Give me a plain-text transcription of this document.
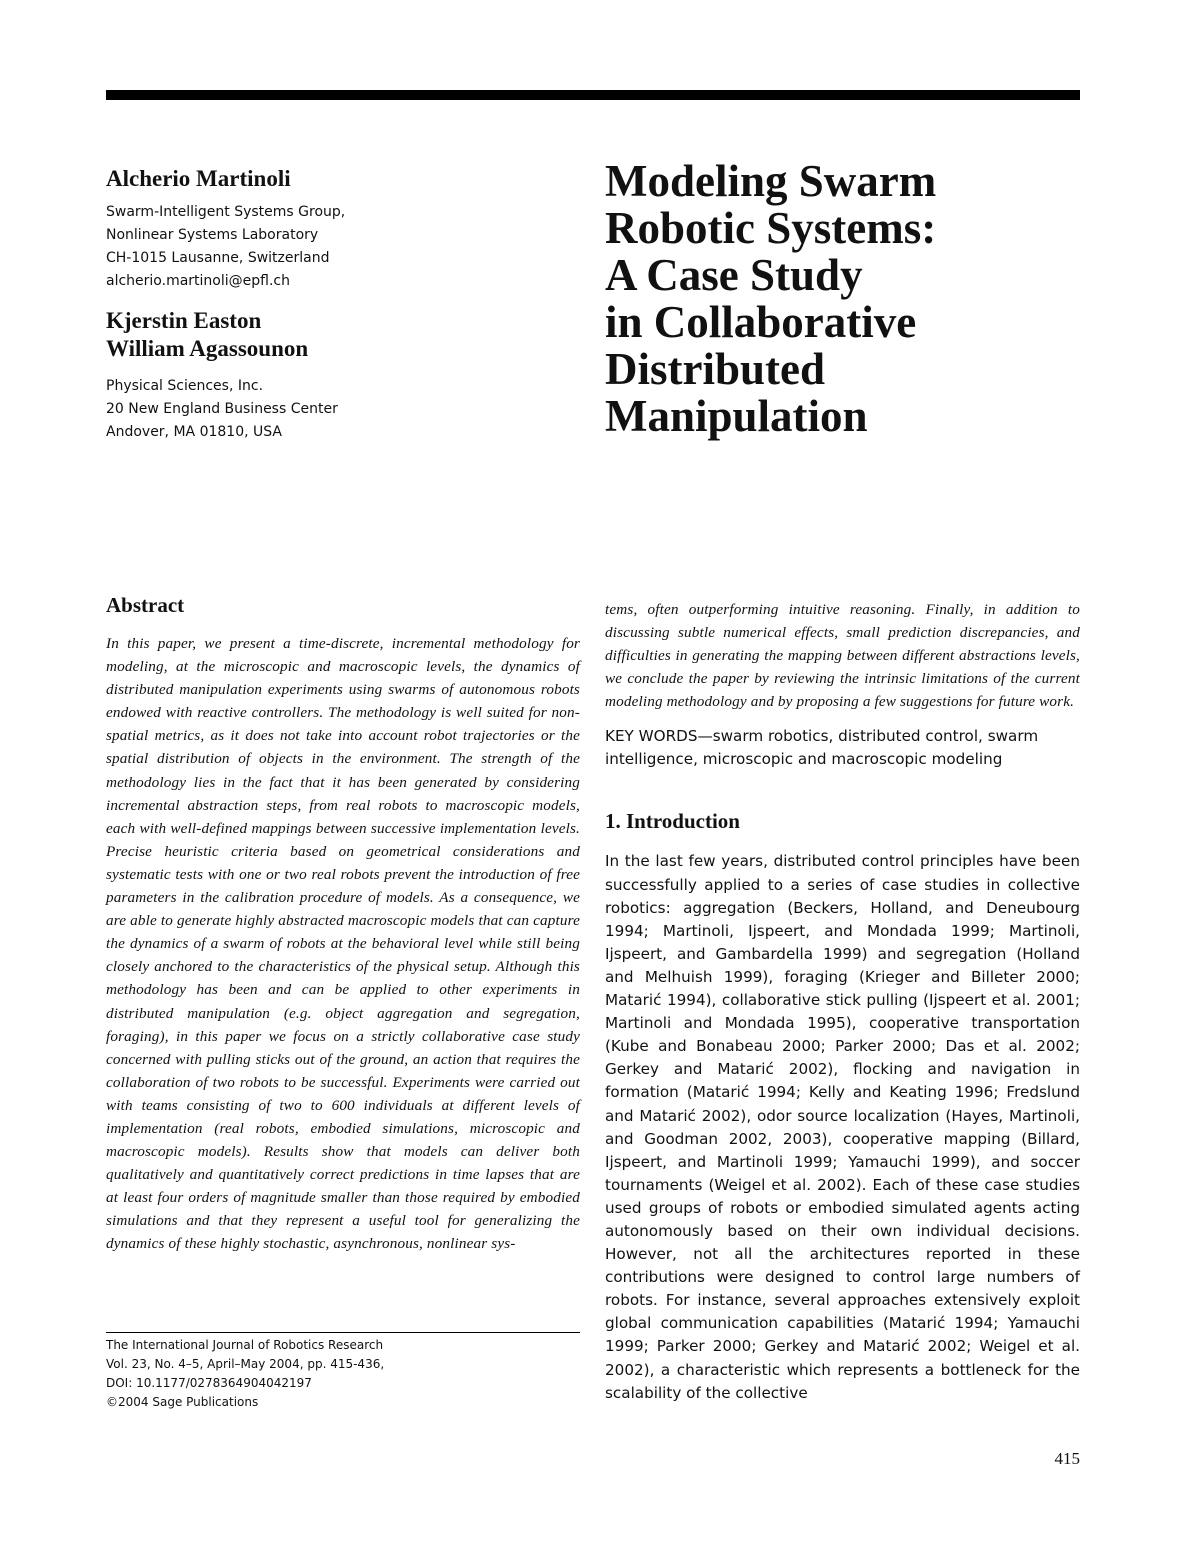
Alcherio Martinoli

Swarm-Intelligent Systems Group,
Nonlinear Systems Laboratory
CH-1015 Lausanne, Switzerland
alcherio.martinoli@epfl.ch

Kjerstin Easton

William Agassounon

Physical Sciences, Inc.
20 New England Business Center
Andover, MA 01810, USA
Modeling Swarm
Robotic Systems:
A Case Study
in Collaborative
Distributed
Manipulation
Abstract

In this paper, we present a time-discrete, incremental methodology for modeling, at the microscopic and macroscopic levels, the dynamics of distributed manipulation experiments using swarms of autonomous robots endowed with reactive controllers. The methodology is well suited for non-spatial metrics, as it does not take into account robot trajectories or the spatial distribution of objects in the environment. The strength of the methodology lies in the fact that it has been generated by considering incremental abstraction steps, from real robots to macroscopic models, each with well-defined mappings between successive implementation levels. Precise heuristic criteria based on geometrical considerations and systematic tests with one or two real robots prevent the introduction of free parameters in the calibration procedure of models. As a consequence, we are able to generate highly abstracted macroscopic models that can capture the dynamics of a swarm of robots at the behavioral level while still being closely anchored to the characteristics of the physical setup. Although this methodology has been and can be applied to other experiments in distributed manipulation (e.g. object aggregation and segregation, foraging), in this paper we focus on a strictly collaborative case study concerned with pulling sticks out of the ground, an action that requires the collaboration of two robots to be successful. Experiments were carried out with teams consisting of two to 600 individuals at different levels of implementation (real robots, embodied simulations, microscopic and macroscopic models). Results show that models can deliver both qualitatively and quantitatively correct predictions in time lapses that are at least four orders of magnitude smaller than those required by embodied simulations and that they represent a useful tool for generalizing the dynamics of these highly stochastic, asynchronous, nonlinear sys-

The International Journal of Robotics Research
Vol. 23, No. 4–5, April–May 2004, pp. 415-436,
DOI: 10.1177/0278364904042197
©2004 Sage Publications

tems, often outperforming intuitive reasoning. Finally, in addition to discussing subtle numerical effects, small prediction discrepancies, and difficulties in generating the mapping between different abstractions levels, we conclude the paper by reviewing the intrinsic limitations of the current modeling methodology and by proposing a few suggestions for future work.

KEY WORDS—swarm robotics, distributed control, swarm intelligence, microscopic and macroscopic modeling

1. Introduction

In the last few years, distributed control principles have been successfully applied to a series of case studies in collective robotics: aggregation (Beckers, Holland, and Deneubourg 1994; Martinoli, Ijspeert, and Mondada 1999; Martinoli, Ijspeert, and Gambardella 1999) and segregation (Holland and Melhuish 1999), foraging (Krieger and Billeter 2000; Matarić 1994), collaborative stick pulling (Ijspeert et al. 2001; Martinoli and Mondada 1995), cooperative transportation (Kube and Bonabeau 2000; Parker 2000; Das et al. 2002; Gerkey and Matarić 2002), flocking and navigation in formation (Matarić 1994; Kelly and Keating 1996; Fredslund and Matarić 2002), odor source localization (Hayes, Martinoli, and Goodman 2002, 2003), cooperative mapping (Billard, Ijspeert, and Martinoli 1999; Yamauchi 1999), and soccer tournaments (Weigel et al. 2002). Each of these case studies used groups of robots or embodied simulated agents acting autonomously based on their own individual decisions. However, not all the architectures reported in these contributions were designed to control large numbers of robots. For instance, several approaches extensively exploit global communication capabilities (Matarić 1994; Yamauchi 1999; Parker 2000; Gerkey and Matarić 2002; Weigel et al. 2002), a characteristic which represents a bottleneck for the scalability of the collective

415
